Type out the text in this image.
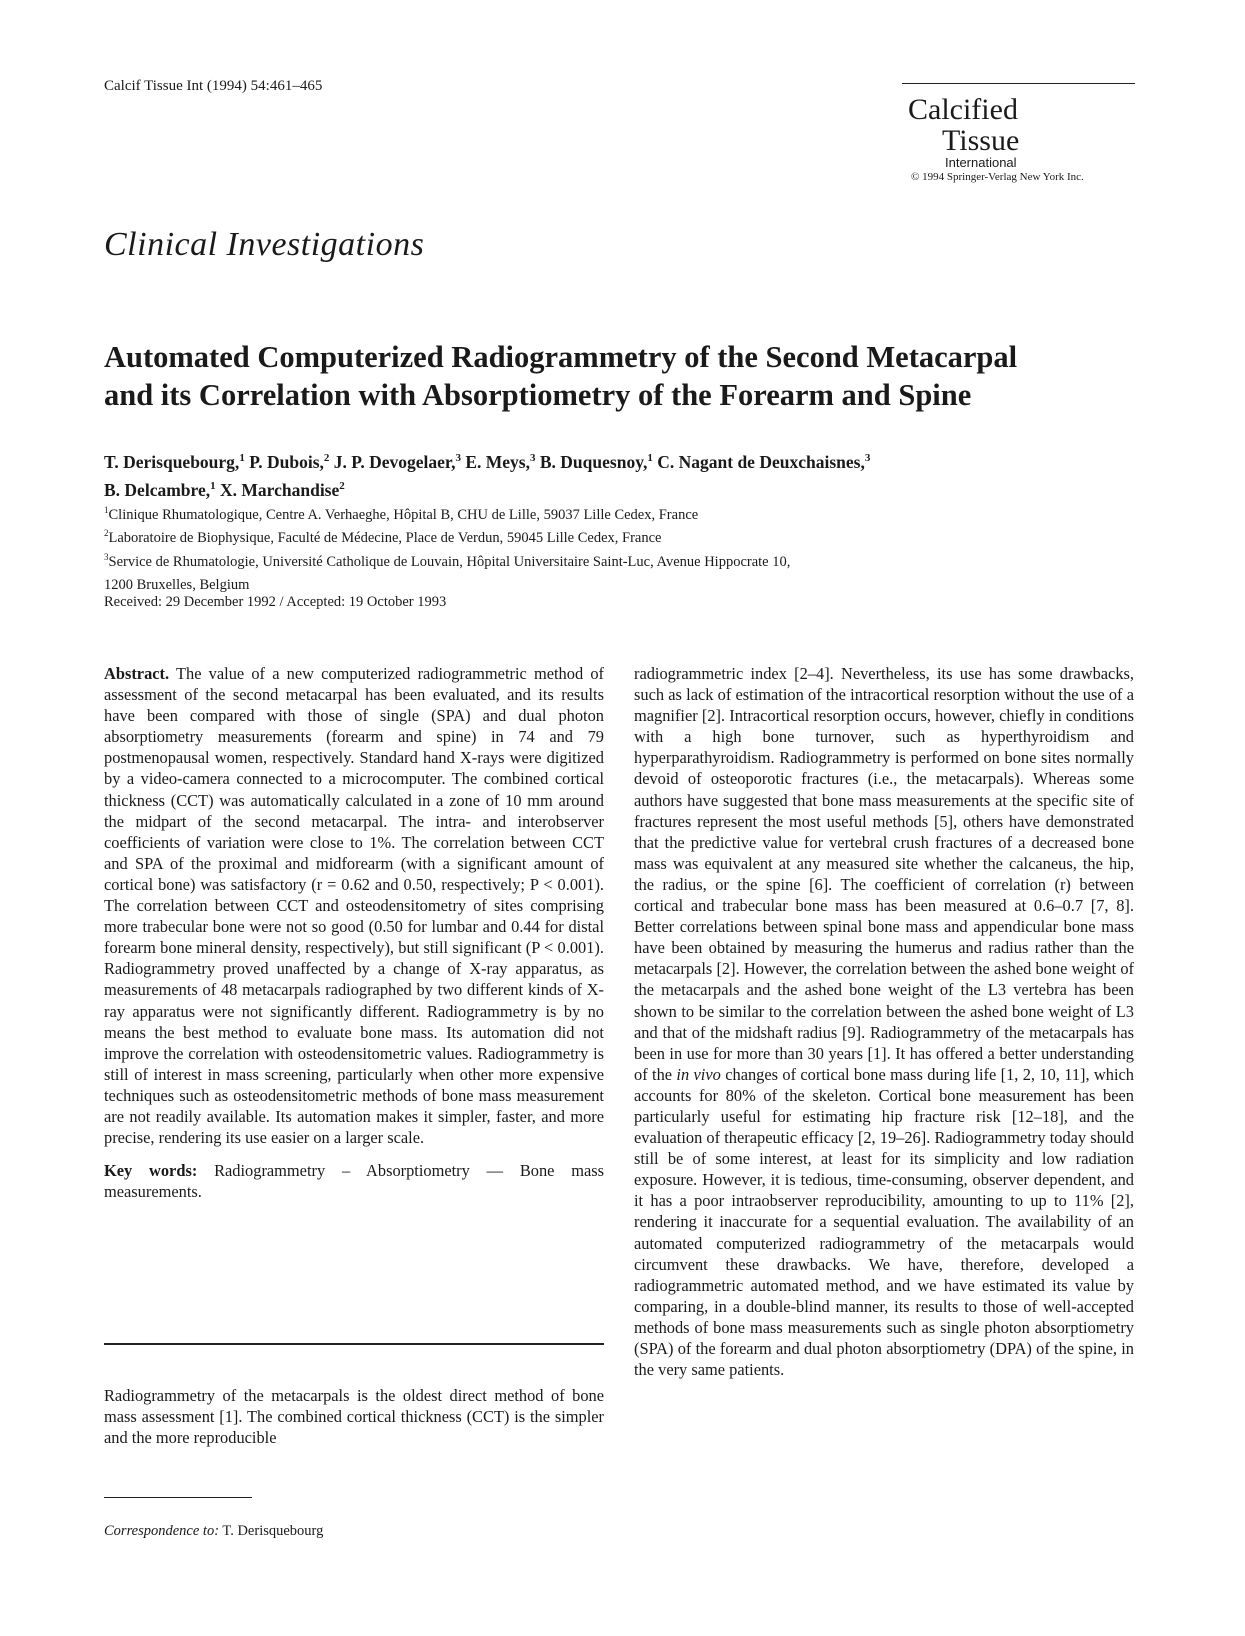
Calcif Tissue Int (1994) 54:461–465
Calcified
Tissue
International
© 1994 Springer-Verlag New York Inc.
Clinical Investigations
Automated Computerized Radiogrammetry of the Second Metacarpal
and its Correlation with Absorptiometry of the Forearm and Spine
T. Derisquebourg,$^1$ P. Dubois,$^2$ J. P. Devogelaer,$^3$ E. Meys,$^3$ B. Duquesnoy,$^1$ C. Nagant de Deuxchaisnes,$^3$
B. Delcambre,$^1$ X. Marchandise$^2$
$^1$Clinique Rhumatologique, Centre A. Verhaeghe, Hôpital B, CHU de Lille, 59037 Lille Cedex, France
$^2$Laboratoire de Biophysique, Faculté de Médecine, Place de Verdun, 59045 Lille Cedex, France
$^3$Service de Rhumatologie, Université Catholique de Louvain, Hôpital Universitaire Saint-Luc, Avenue Hippocrate 10,
1200 Bruxelles, Belgium
Received: 29 December 1992 / Accepted: 19 October 1993

Abstract. The value of a new computerized radiogrammetric method of assessment of the second metacarpal has been evaluated, and its results have been compared with those of single (SPA) and dual photon absorptiometry measurements (forearm and spine) in 74 and 79 postmenopausal women, respectively. Standard hand X-rays were digitized by a video-camera connected to a microcomputer. The combined cortical thickness (CCT) was automatically calculated in a zone of 10 mm around the midpart of the second metacarpal. The intra- and interobserver coefficients of variation were close to 1%. The correlation between CCT and SPA of the proximal and midforearm (with a significant amount of cortical bone) was satisfactory (r = 0.62 and 0.50, respectively; P < 0.001). The correlation between CCT and osteodensitometry of sites comprising more trabecular bone were not so good (0.50 for lumbar and 0.44 for distal forearm bone mineral density, respectively), but still significant (P < 0.001). Radiogrammetry proved unaffected by a change of X-ray apparatus, as measurements of 48 metacarpals radiographed by two different kinds of X-ray apparatus were not significantly different. Radiogrammetry is by no means the best method to evaluate bone mass. Its automation did not improve the correlation with osteodensitometric values. Radiogrammetry is still of interest in mass screening, particularly when other more expensive techniques such as osteodensitometric methods of bone mass measurement are not readily available. Its automation makes it simpler, faster, and more precise, rendering its use easier on a larger scale.

Key words: Radiogrammetry – Absorptiometry — Bone mass measurements.

Radiogrammetry of the metacarpals is the oldest direct method of bone mass assessment [1]. The combined cortical thickness (CCT) is the simpler and the more reproducible
Correspondence to: T. Derisquebourg

radiogrammetric index [2–4]. Nevertheless, its use has some drawbacks, such as lack of estimation of the intracortical resorption without the use of a magnifier [2]. Intracortical resorption occurs, however, chiefly in conditions with a high bone turnover, such as hyperthyroidism and hyperparathyroidism. Radiogrammetry is performed on bone sites normally devoid of osteoporotic fractures (i.e., the metacarpals). Whereas some authors have suggested that bone mass measurements at the specific site of fractures represent the most useful methods [5], others have demonstrated that the predictive value for vertebral crush fractures of a decreased bone mass was equivalent at any measured site whether the calcaneus, the hip, the radius, or the spine [6]. The coefficient of correlation (r) between cortical and trabecular bone mass has been measured at 0.6–0.7 [7, 8]. Better correlations between spinal bone mass and appendicular bone mass have been obtained by measuring the humerus and radius rather than the metacarpals [2]. However, the correlation between the ashed bone weight of the metacarpals and the ashed bone weight of the L3 vertebra has been shown to be similar to the correlation between the ashed bone weight of L3 and that of the midshaft radius [9]. Radiogrammetry of the metacarpals has been in use for more than 30 years [1]. It has offered a better understanding of the in vivo changes of cortical bone mass during life [1, 2, 10, 11], which accounts for 80% of the skeleton. Cortical bone measurement has been particularly useful for estimating hip fracture risk [12–18], and the evaluation of therapeutic efficacy [2, 19–26]. Radiogrammetry today should still be of some interest, at least for its simplicity and low radiation exposure. However, it is tedious, time-consuming, observer dependent, and it has a poor intraobserver reproducibility, amounting to up to 11% [2], rendering it inaccurate for a sequential evaluation. The availability of an automated computerized radiogrammetry of the metacarpals would circumvent these drawbacks. We have, therefore, developed a radiogrammetric automated method, and we have estimated its value by comparing, in a double-blind manner, its results to those of well-accepted methods of bone mass measurements such as single photon absorptiometry (SPA) of the forearm and dual photon absorptiometry (DPA) of the spine, in the very same patients.
